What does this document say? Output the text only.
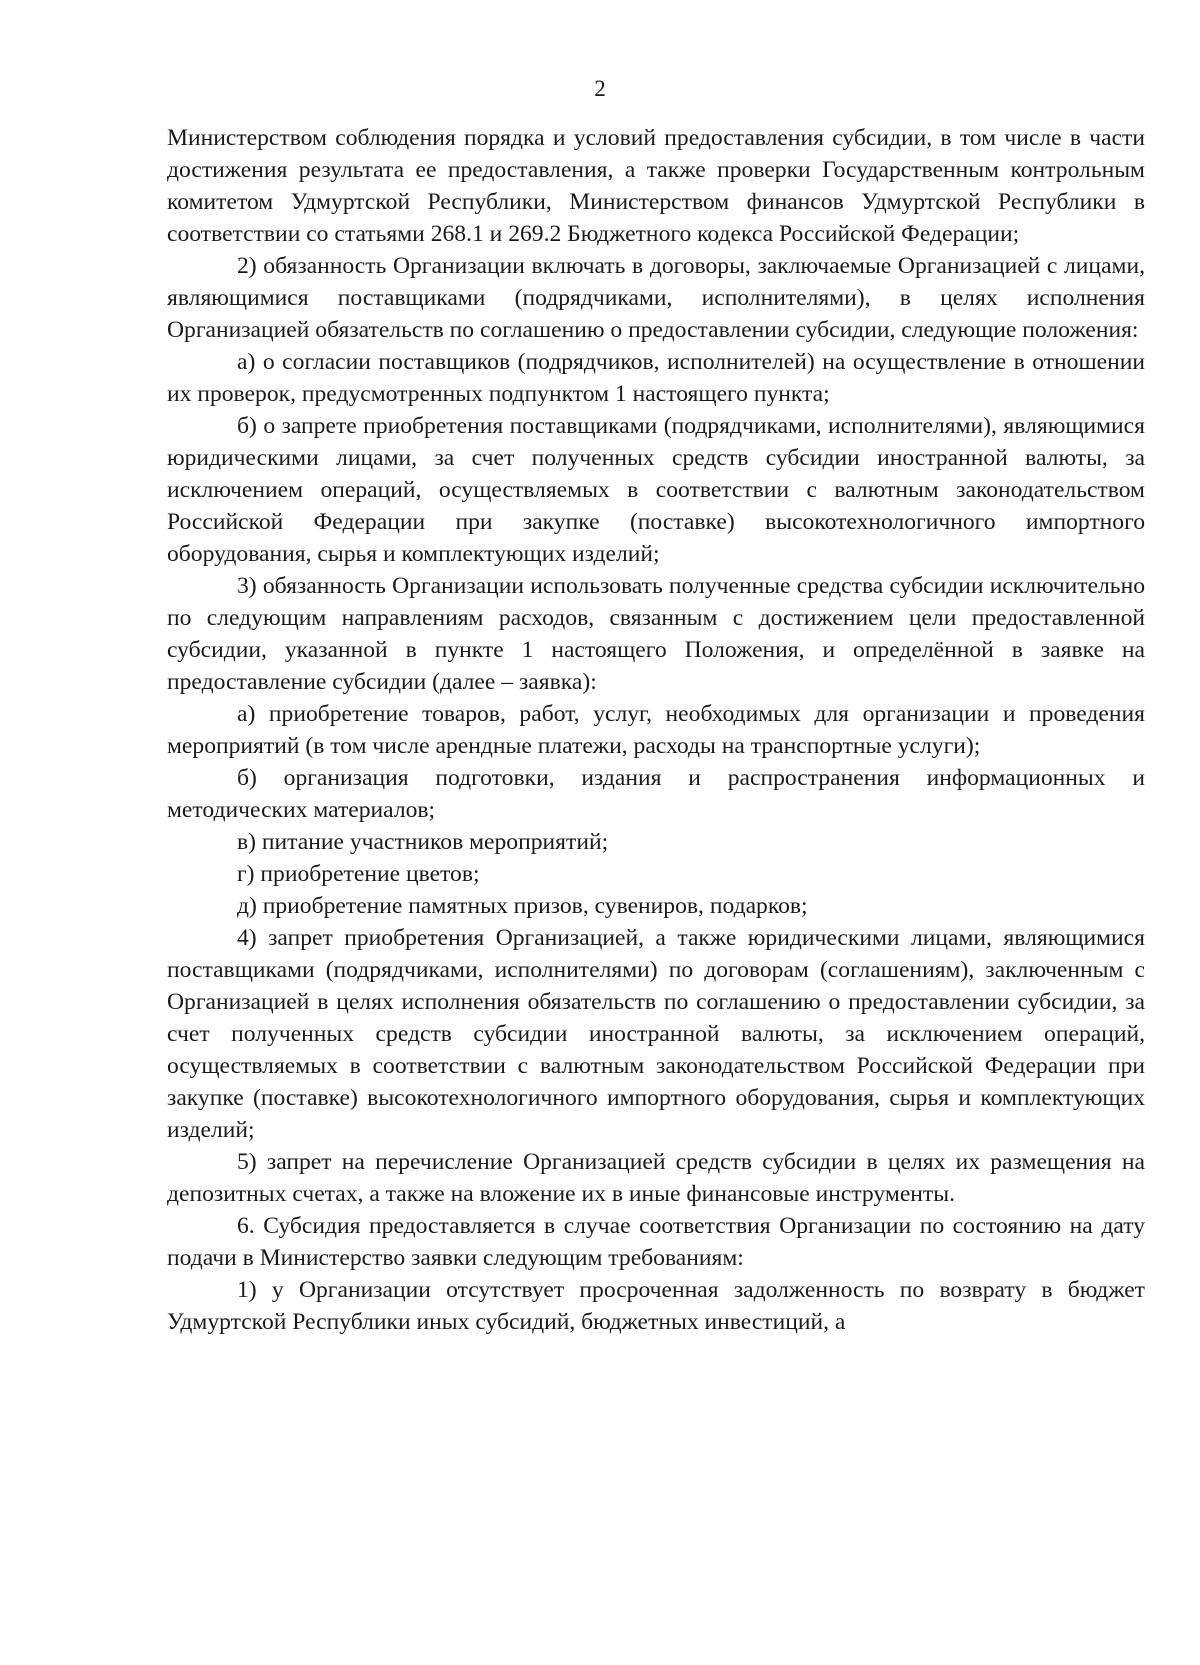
2

Министерством соблюдения порядка и условий предоставления субсидии, в том числе в части достижения результата ее предоставления, а также проверки Государственным контрольным комитетом Удмуртской Республики, Министерством финансов Удмуртской Республики в соответствии со статьями 268.1 и 269.2 Бюджетного кодекса Российской Федерации;

2) обязанность Организации включать в договоры, заключаемые Организацией с лицами, являющимися поставщиками (подрядчиками, исполнителями), в целях исполнения Организацией обязательств по соглашению о предоставлении субсидии, следующие положения:

а) о согласии поставщиков (подрядчиков, исполнителей) на осуществление в отношении их проверок, предусмотренных подпунктом 1 настоящего пункта;

б) о запрете приобретения поставщиками (подрядчиками, исполнителями), являющимися юридическими лицами, за счет полученных средств субсидии иностранной валюты, за исключением операций, осуществляемых в соответствии с валютным законодательством Российской Федерации при закупке (поставке) высокотехнологичного импортного оборудования, сырья и комплектующих изделий;

3) обязанность Организации использовать полученные средства субсидии исключительно по следующим направлениям расходов, связанным с достижением цели предоставленной субсидии, указанной в пункте 1 настоящего Положения, и определённой в заявке на предоставление субсидии (далее – заявка):

а) приобретение товаров, работ, услуг, необходимых для организации и проведения мероприятий (в том числе арендные платежи, расходы на транспортные услуги);

б) организация подготовки, издания и распространения информационных и методических материалов;

в) питание участников мероприятий;

г) приобретение цветов;

д) приобретение памятных призов, сувениров, подарков;

4) запрет приобретения Организацией, а также юридическими лицами, являющимися поставщиками (подрядчиками, исполнителями) по договорам (соглашениям), заключенным с Организацией в целях исполнения обязательств по соглашению о предоставлении субсидии, за счет полученных средств субсидии иностранной валюты, за исключением операций, осуществляемых в соответствии с валютным законодательством Российской Федерации при закупке (поставке) высокотехнологичного импортного оборудования, сырья и комплектующих изделий;

5) запрет на перечисление Организацией средств субсидии в целях их размещения на депозитных счетах, а также на вложение их в иные финансовые инструменты.

6. Субсидия предоставляется в случае соответствия Организации по состоянию на дату подачи в Министерство заявки следующим требованиям:

1) у Организации отсутствует просроченная задолженность по возврату в бюджет Удмуртской Республики иных субсидий, бюджетных инвестиций, а
